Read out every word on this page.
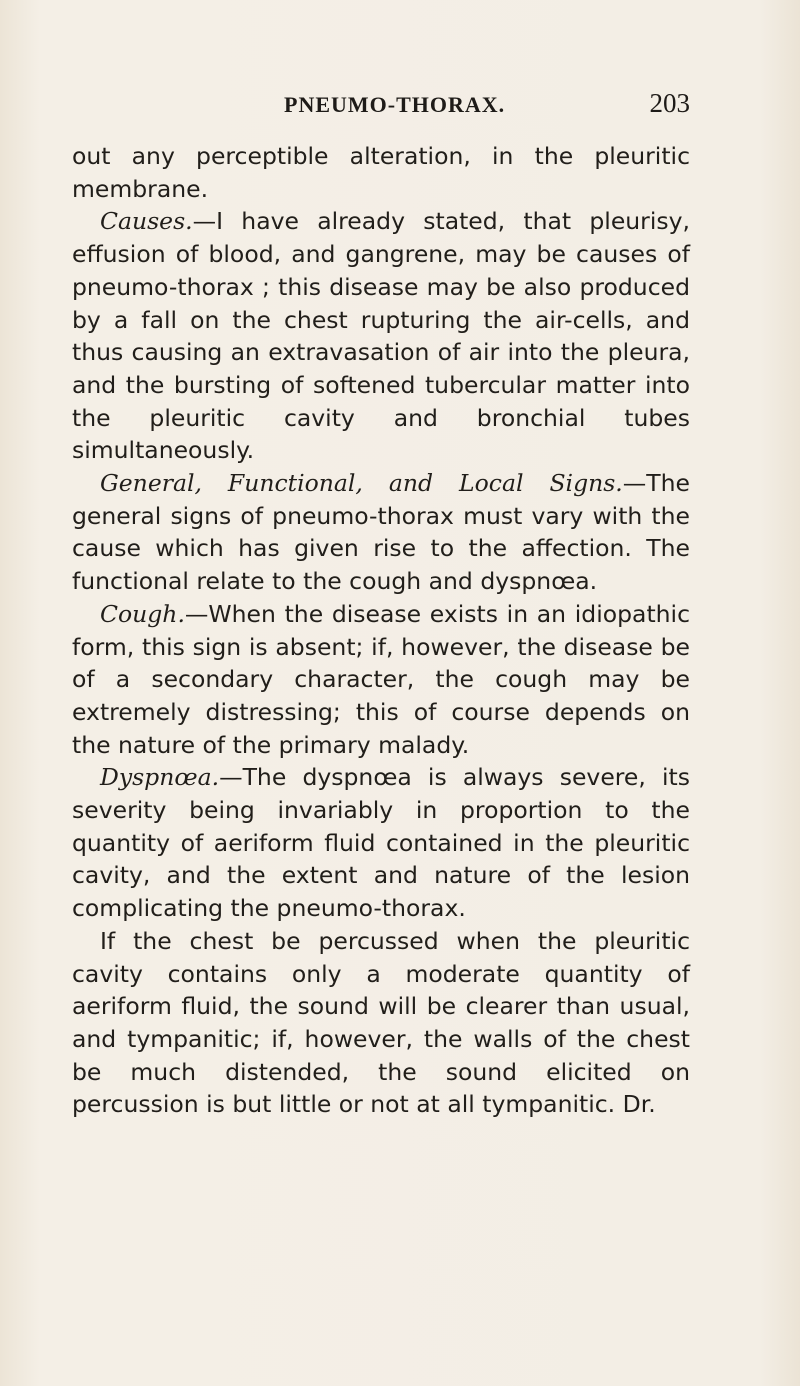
PNEUMO-THORAX.	203

out any perceptible alteration, in the pleuritic membrane.

Causes.—I have already stated, that pleurisy, effusion of blood, and gangrene, may be causes of pneumo-thorax ; this disease may be also produced by a fall on the chest rupturing the air-cells, and thus causing an extravasation of air into the pleura, and the bursting of softened tubercular matter into the pleuritic cavity and bronchial tubes simultaneously.

General, Functional, and Local Signs.—The general signs of pneumo-thorax must vary with the cause which has given rise to the affection. The functional relate to the cough and dyspnœa.

Cough.—When the disease exists in an idiopathic form, this sign is absent; if, however, the disease be of a secondary character, the cough may be extremely distressing; this of course depends on the nature of the primary malady.

Dyspnœa.—The dyspnœa is always severe, its severity being invariably in proportion to the quantity of aeriform fluid contained in the pleuritic cavity, and the extent and nature of the lesion complicating the pneumo-thorax.

If the chest be percussed when the pleuritic cavity contains only a moderate quantity of aeriform fluid, the sound will be clearer than usual, and tympanitic; if, however, the walls of the chest be much distended, the sound elicited on percussion is but little or not at all tympanitic. Dr.
